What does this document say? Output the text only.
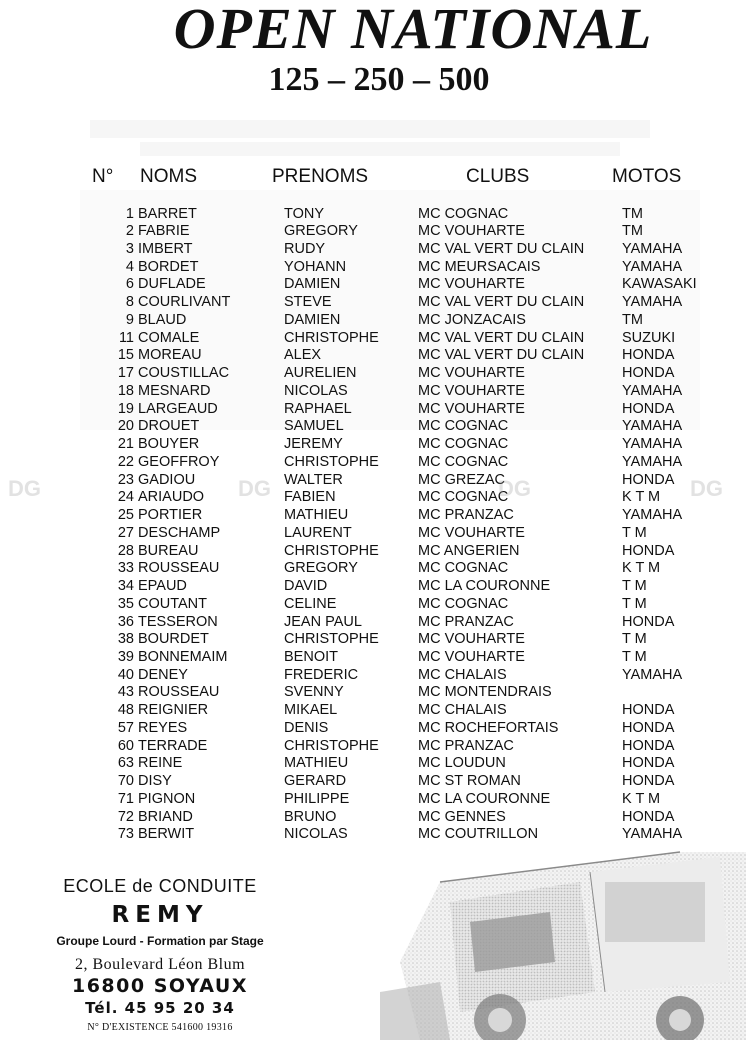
OPEN NATIONAL
125 – 250 – 500
N° NOMS	PRENOMS	CLUBS	MOTOS
1 BARRET	TONY	MC COGNAC	TM
2 FABRIE	GREGORY	MC VOUHARTE	TM
3 IMBERT	RUDY	MC VAL VERT DU CLAIN	YAMAHA
4 BORDET	YOHANN	MC MEURSACAIS	YAMAHA
6 DUFLADE	DAMIEN	MC VOUHARTE	KAWASAKI
8 COURLIVANT	STEVE	MC VAL VERT DU CLAIN	YAMAHA
9 BLAUD	DAMIEN	MC JONZACAIS	TM
11 COMALE	CHRISTOPHE	MC VAL VERT DU CLAIN	SUZUKI
15 MOREAU	ALEX	MC VAL VERT DU CLAIN	HONDA
17 COUSTILLAC	AURELIEN	MC VOUHARTE	HONDA
18 MESNARD	NICOLAS	MC VOUHARTE	YAMAHA
19 LARGEAUD	RAPHAEL	MC VOUHARTE	HONDA
20 DROUET	SAMUEL	MC COGNAC	YAMAHA
21 BOUYER	JEREMY	MC COGNAC	YAMAHA
22 GEOFFROY	CHRISTOPHE	MC COGNAC	YAMAHA
23 GADIOU	WALTER	MC GREZAC	HONDA
24 ARIAUDO	FABIEN	MC COGNAC	K T M
25 PORTIER	MATHIEU	MC PRANZAC	YAMAHA
27 DESCHAMP	LAURENT	MC VOUHARTE	T M
28 BUREAU	CHRISTOPHE	MC ANGERIEN	HONDA
33 ROUSSEAU	GREGORY	MC COGNAC	K T M
34 EPAUD	DAVID	MC LA COURONNE	T M
35 COUTANT	CELINE	MC COGNAC	T M
36 TESSERON	JEAN PAUL	MC PRANZAC	HONDA
38 BOURDET	CHRISTOPHE	MC VOUHARTE	T M
39 BONNEMAIM	BENOIT	MC VOUHARTE	T M
40 DENEY	FREDERIC	MC CHALAIS	YAMAHA
43 ROUSSEAU	SVENNY	MC MONTENDRAIS
48 REIGNIER	MIKAEL	MC CHALAIS	HONDA
57 REYES	DENIS	MC ROCHEFORTAIS	HONDA
60 TERRADE	CHRISTOPHE	MC PRANZAC	HONDA
63 REINE	MATHIEU	MC LOUDUN	HONDA
70 DISY	GERARD	MC ST ROMAN	HONDA
71 PIGNON	PHILIPPE	MC LA COURONNE	K T M
72 BRIAND	BRUNO	MC GENNES	HONDA
73 BERWIT	NICOLAS	MC COUTRILLON	YAMAHA
DG	DG	DG	DG
ECOLE de CONDUITE
REMY
Groupe Lourd - Formation par Stage
2, Boulevard Léon Blum
16800 SOYAUX
Tél. 45 95 20 34
N° D'EXISTENCE 541600 19316
